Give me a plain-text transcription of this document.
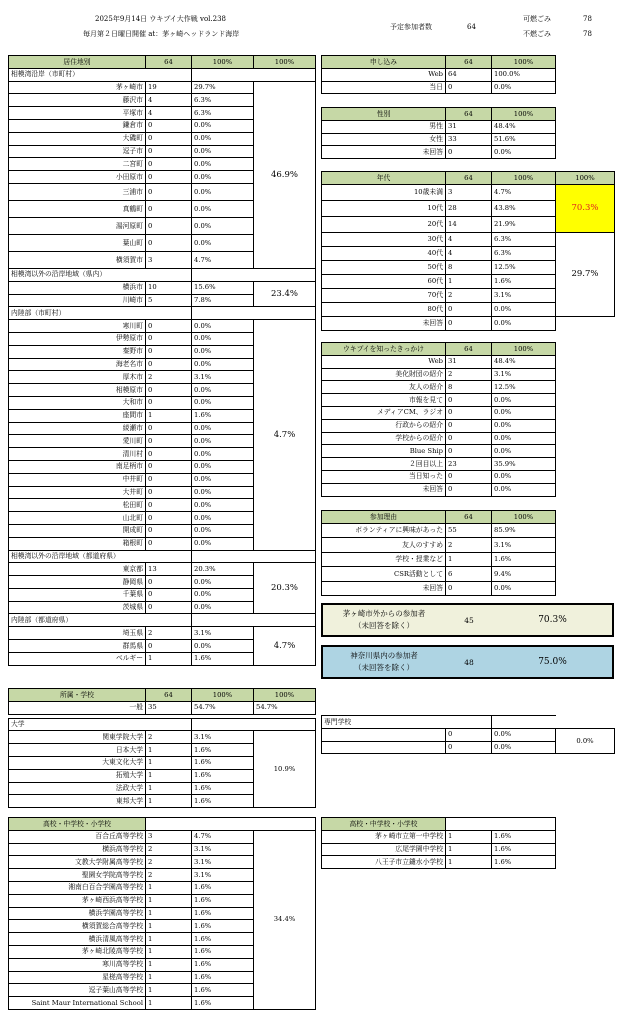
2025年9月14日 ウキプイ大作戦 vol.238
毎月第２日曜日開催 at：茅ヶ崎ヘッドランド海岸
予定参加者数	64
可燃ごみ	78
不燃ごみ	78
居住地別	64	100%	100%
相模湾沿岸（市町村）			
茅ヶ崎市	19	29.7%	46.9%
藤沢市	4	6.3%	
平塚市	4	6.3%	
鎌倉市	0	0.0%	
大磯町	0	0.0%	
逗子市	0	0.0%	
二宮町	0	0.0%	
小田原市	0	0.0%	
三浦市	0	0.0%	
真鶴町	0	0.0%	
湯河原町	0	0.0%	
葉山町	0	0.0%	
横須賀市	3	4.7%	
相模湾以外の沿岸地域（県内）			
横浜市	10	15.6%	23.4%
川崎市	5	7.8%	
内陸部（市町村）			
寒川町	0	0.0%	4.7%
伊勢原市	0	0.0%	
秦野市	0	0.0%	
海老名市	0	0.0%	
厚木市	2	3.1%	
相模原市	0	0.0%	
大和市	0	0.0%	
座間市	1	1.6%	
綾瀬市	0	0.0%	
愛川町	0	0.0%	
清川村	0	0.0%	
南足柄市	0	0.0%	
中井町	0	0.0%	
大井町	0	0.0%	
松田町	0	0.0%	
山北町	0	0.0%	
開成町	0	0.0%	
箱根町	0	0.0%	
相模湾以外の沿岸地域（都道府県）			
東京都	13	20.3%	20.3%
静岡県	0	0.0%	
千葉県	0	0.0%	
茨城県	0	0.0%	
内陸部（都道府県）			
埼玉県	2	3.1%	4.7%
群馬県	0	0.0%	
ベルギー	1	1.6%	
申し込み	64	100%
Web	64	100.0%
当日	0	0.0%
性別	64	100%
男性	31	48.4%
女性	33	51.6%
未回答	0	0.0%
年代	64	100%	100%
10歳未満	3	4.7%	70.3%
10代	28	43.8%	
20代	14	21.9%	
30代	4	6.3%	29.7%
40代	4	6.3%	
50代	8	12.5%	
60代	1	1.6%	
70代	2	3.1%	
80代	0	0.0%	
未回答	0	0.0%	
ウキプイを知ったきっかけ	64	100%
Web	31	48.4%
美化財団の紹介	2	3.1%
友人の紹介	8	12.5%
市報を見て	0	0.0%
メディアCM、ラジオ	0	0.0%
行政からの紹介	0	0.0%
学校からの紹介	0	0.0%
Blue Ship	0	0.0%
２回目以上	23	35.9%
当日知った	0	0.0%
未回答	0	0.0%
参加理由	64	100%
ボランティアに興味があった	55	85.9%
友人のすすめ	2	3.1%
学校・授業など	1	1.6%
CSR活動として	6	9.4%
未回答	0	0.0%
茅ヶ崎市外からの参加者
（未回答を除く）
45	70.3%
神奈川県内の参加者
（未回答を除く）
48	75.0%
所属・学校	64	100%	100%
一般	35	54.7%	54.7%

大学			
関東学院大学	2	3.1%	10.9%
日本大学	1	1.6%	
大東文化大学	1	1.6%	
拓殖大学	1	1.6%	
法政大学	1	1.6%	
東邦大学	1	1.6%	
専門学校			
	0	0.0%	0.0%
	0	0.0%	
高校・中学校・小学校			
百合丘高等学校	3	4.7%	34.4%
横浜高等学校	2	3.1%	
文教大学附属高等学校	2	3.1%	
聖園女学院高等学校	2	3.1%	
湘南白百合学園高等学校	1	1.6%	
茅ヶ崎西浜高等学校	1	1.6%	
横浜学園高等学校	1	1.6%	
横須賀総合高等学校	1	1.6%	
横浜清風高等学校	1	1.6%	
茅ヶ崎北陵高等学校	1	1.6%	
寒川高等学校	1	1.6%	
星槎高等学校	1	1.6%	
逗子葉山高等学校	1	1.6%	
Saint Maur International School	1	1.6%	
高校・中学校・小学校		
茅ヶ崎市立第一中学校	1	1.6%
広尾学園中学校	1	1.6%
八王子市立鑓水小学校	1	1.6%
